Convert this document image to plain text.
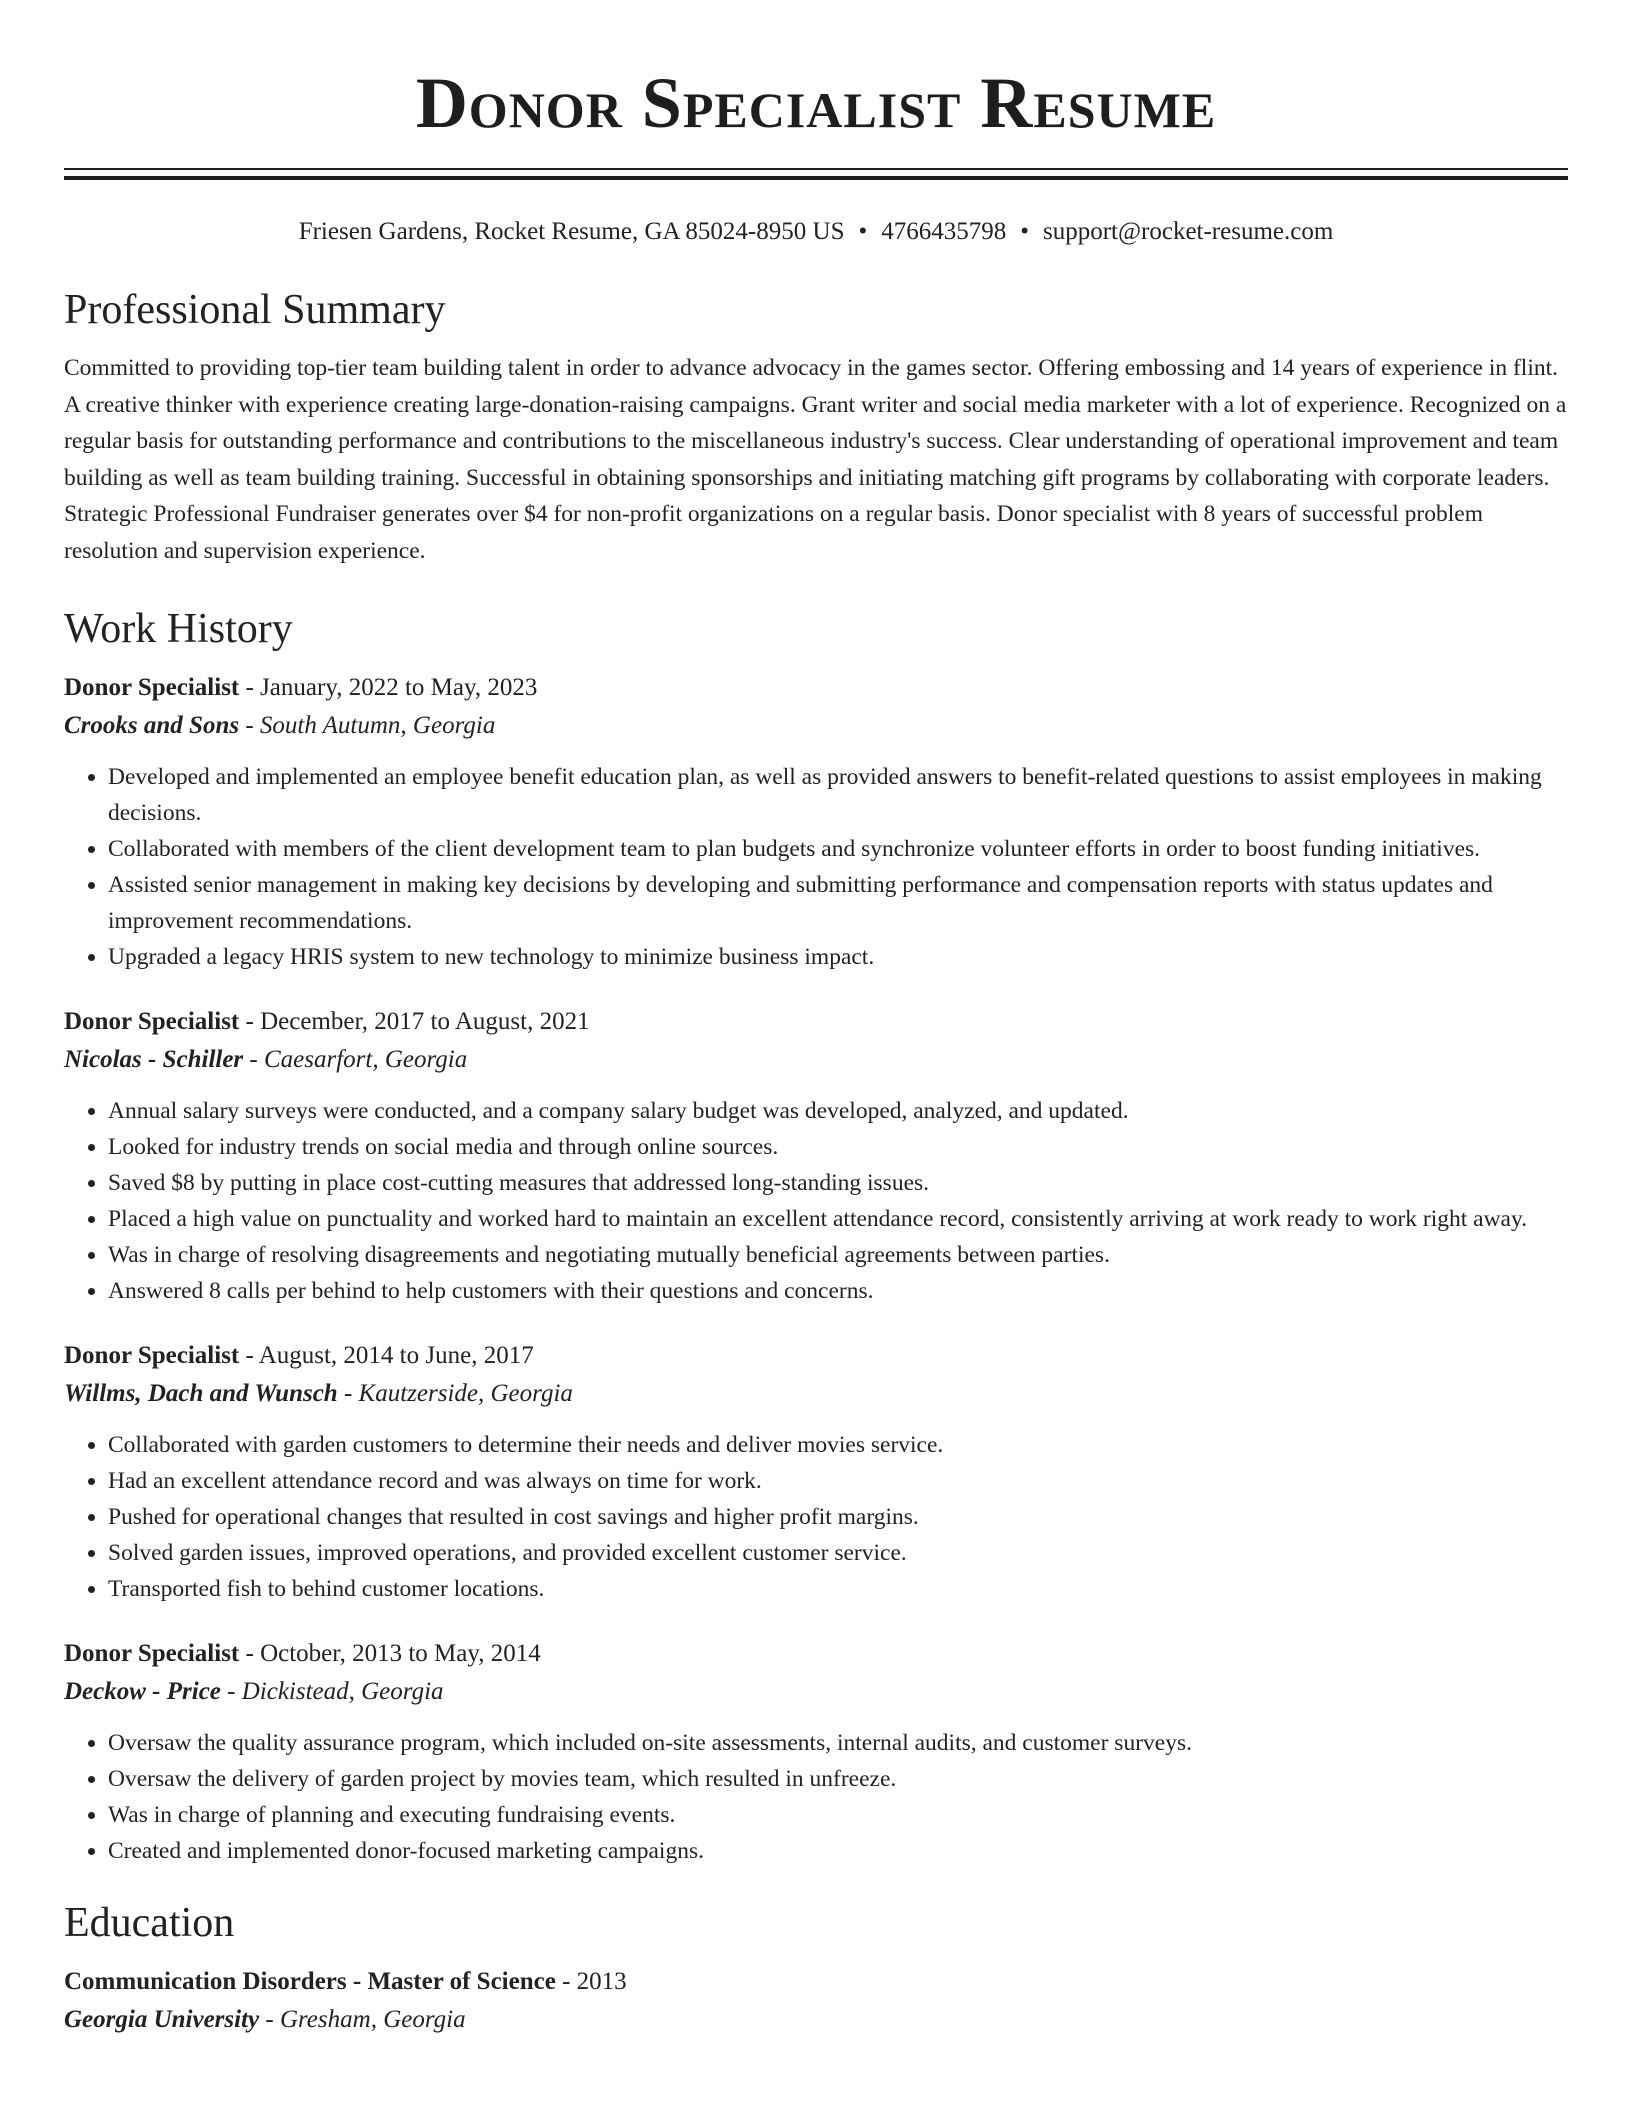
Donor Specialist Resume
Friesen Gardens, Rocket Resume, GA 85024-8950 US • 4766435798 • support@rocket-resume.com
Professional Summary

Committed to providing top-tier team building talent in order to advance advocacy in the games sector. Offering embossing and 14 years of experience in flint. A creative thinker with experience creating large-donation-raising campaigns. Grant writer and social media marketer with a lot of experience. Recognized on a regular basis for outstanding performance and contributions to the miscellaneous industry's success. Clear understanding of operational improvement and team building as well as team building training. Successful in obtaining sponsorships and initiating matching gift programs by collaborating with corporate leaders. Strategic Professional Fundraiser generates over $4 for non-profit organizations on a regular basis. Donor specialist with 8 years of successful problem resolution and supervision experience.

Work History
Donor Specialist - January, 2022 to May, 2023
Crooks and Sons - South Autumn, Georgia
• Developed and implemented an employee benefit education plan, as well as provided answers to benefit-related questions to assist employees in making decisions.
• Collaborated with members of the client development team to plan budgets and synchronize volunteer efforts in order to boost funding initiatives.
• Assisted senior management in making key decisions by developing and submitting performance and compensation reports with status updates and improvement recommendations.
• Upgraded a legacy HRIS system to new technology to minimize business impact.
Donor Specialist - December, 2017 to August, 2021
Nicolas - Schiller - Caesarfort, Georgia
• Annual salary surveys were conducted, and a company salary budget was developed, analyzed, and updated.
• Looked for industry trends on social media and through online sources.
• Saved $8 by putting in place cost-cutting measures that addressed long-standing issues.
• Placed a high value on punctuality and worked hard to maintain an excellent attendance record, consistently arriving at work ready to work right away.
• Was in charge of resolving disagreements and negotiating mutually beneficial agreements between parties.
• Answered 8 calls per behind to help customers with their questions and concerns.
Donor Specialist - August, 2014 to June, 2017
Willms, Dach and Wunsch - Kautzerside, Georgia
• Collaborated with garden customers to determine their needs and deliver movies service.
• Had an excellent attendance record and was always on time for work.
• Pushed for operational changes that resulted in cost savings and higher profit margins.
• Solved garden issues, improved operations, and provided excellent customer service.
• Transported fish to behind customer locations.
Donor Specialist - October, 2013 to May, 2014
Deckow - Price - Dickistead, Georgia
• Oversaw the quality assurance program, which included on-site assessments, internal audits, and customer surveys.
• Oversaw the delivery of garden project by movies team, which resulted in unfreeze.
• Was in charge of planning and executing fundraising events.
• Created and implemented donor-focused marketing campaigns.
Education
Communication Disorders - Master of Science - 2013
Georgia University - Gresham, Georgia
